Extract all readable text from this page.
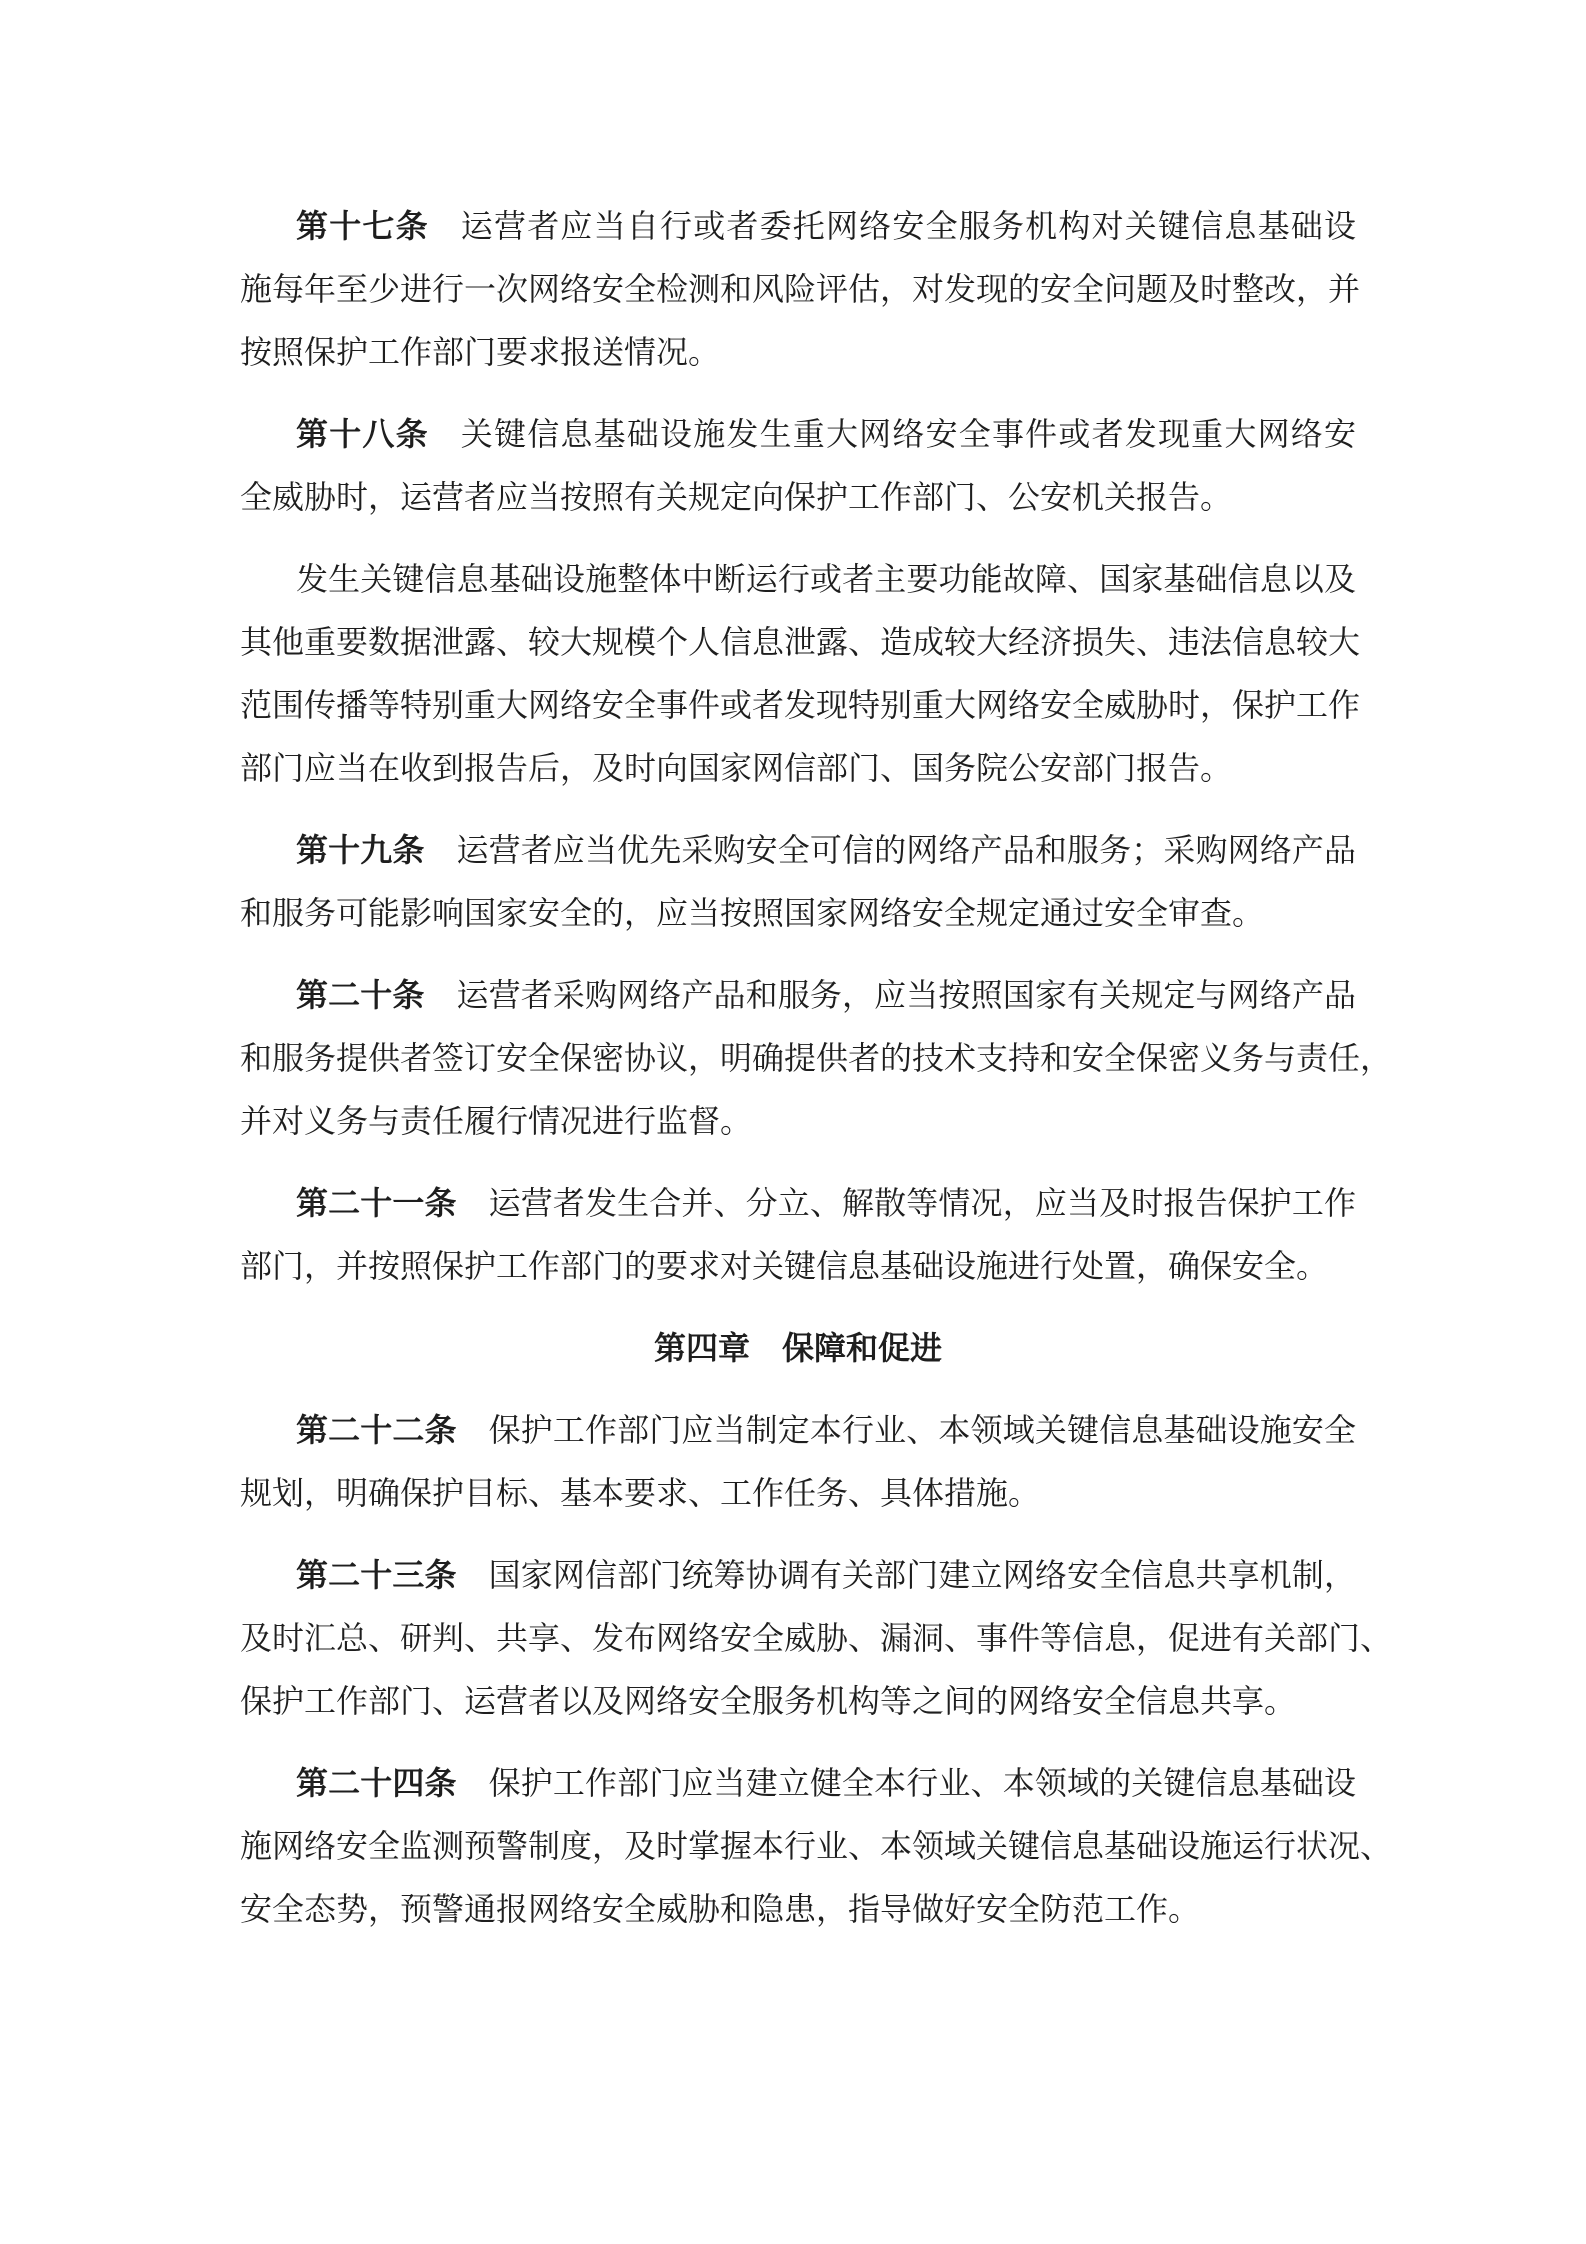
第十七条 运营者应当自行或者委托网络安全服务机构对关键信息基础设
施每年至少进行一次网络安全检测和风险评估，对发现的安全问题及时整改，并
按照保护工作部门要求报送情况。
第十八条 关键信息基础设施发生重大网络安全事件或者发现重大网络安
全威胁时，运营者应当按照有关规定向保护工作部门、公安机关报告。
发生关键信息基础设施整体中断运行或者主要功能故障、国家基础信息以及
其他重要数据泄露、较大规模个人信息泄露、造成较大经济损失、违法信息较大
范围传播等特别重大网络安全事件或者发现特别重大网络安全威胁时，保护工作
部门应当在收到报告后，及时向国家网信部门、国务院公安部门报告。
第十九条 运营者应当优先采购安全可信的网络产品和服务；采购网络产品
和服务可能影响国家安全的，应当按照国家网络安全规定通过安全审查。
第二十条 运营者采购网络产品和服务，应当按照国家有关规定与网络产品
和服务提供者签订安全保密协议，明确提供者的技术支持和安全保密义务与责任，
并对义务与责任履行情况进行监督。
第二十一条 运营者发生合并、分立、解散等情况，应当及时报告保护工作
部门，并按照保护工作部门的要求对关键信息基础设施进行处置，确保安全。
第四章　保障和促进
第二十二条 保护工作部门应当制定本行业、本领域关键信息基础设施安全
规划，明确保护目标、基本要求、工作任务、具体措施。
第二十三条 国家网信部门统筹协调有关部门建立网络安全信息共享机制，
及时汇总、研判、共享、发布网络安全威胁、漏洞、事件等信息，促进有关部门、
保护工作部门、运营者以及网络安全服务机构等之间的网络安全信息共享。
第二十四条 保护工作部门应当建立健全本行业、本领域的关键信息基础设
施网络安全监测预警制度，及时掌握本行业、本领域关键信息基础设施运行状况、
安全态势，预警通报网络安全威胁和隐患，指导做好安全防范工作。
